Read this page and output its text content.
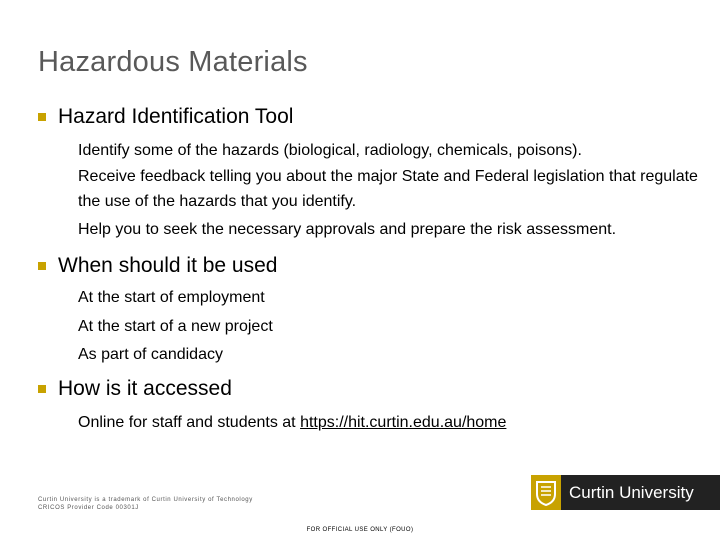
Hazardous Materials
Hazard Identification Tool
Identify some of the hazards (biological, radiology, chemicals, poisons).
Receive feedback telling you about the major State and Federal legislation that regulate the use of the hazards that you identify.
Help you to seek the necessary approvals and prepare the risk assessment.
When should it be used
At the start of employment
At the start of a new project
As part of candidacy
How is it accessed
Online for staff and students at https://hit.curtin.edu.au/home
Curtin University is a trademark of Curtin University of Technology
CRICOS Provider Code 00301J
Curtin University
FOR OFFICIAL USE ONLY (FOUO)
